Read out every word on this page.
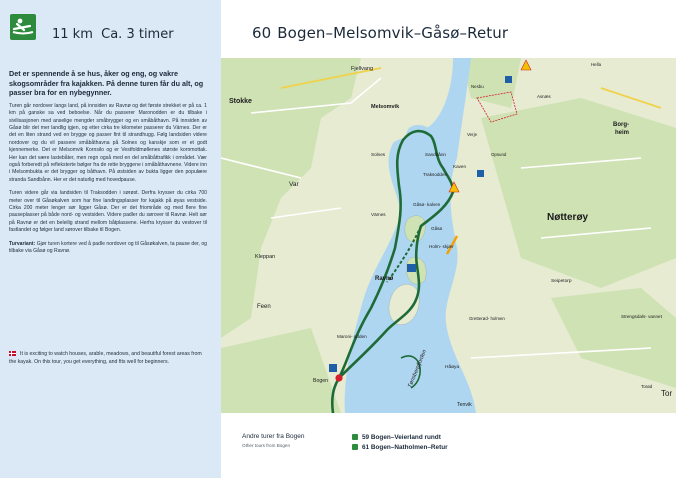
11 km Ca. 3 timer	60 Bogen–Melsomvik–Gåsø–Retur

Det er spennende å se hus, åker og eng, og vakre skogsområder fra kajakken. På denne turen får du alt, og passer bra for en nybegynner.

Turen går nordover langs land, på innsiden av Ravnø og det første strekket er på ca. 1 km på ganske sa ved beboelse. Når du passerer Maronodden er du tilbake i sivilisasjonen med anselige mengder småbrygger og en småbåthavn. På innsiden av Gåsø blir det mer landlig igjen, og etter cirka tre kilometer passerer du Värnes. Der er det en liten strand ved en brygge og passer fint til strandhugg. Følg landsiden videre nordover og du vil passere småbåthavna på Solnes og kanskje som er et godt kjennemerke. Det er Melsomvik Kornsilo og er Vestfoldmøllenes største kornmottak. Her kan det være lastebåter, men regn også med en del småbåttrafikk i området. Vær også forberedt på refleksterte bølger fra de rette bryggene i småbåthavnene. Videre inn i Melsombukta er det brygger og båthavn. På østsiden av bukta ligger den populære stranda Sandbånn. Her er det naturlig med hovedpause.

Turen videre går via landsiden til Traksodden i sørøst. Derfra krysser du cirka 700 meter over til Gåsøkalven som har fine landingsplasser for kajakk på øyas vestside. Cirka 200 meter lenger sør ligger Gåsø. Der er det friområde og med flere fine pauseplasser på både nord- og vestsiden. Videre padler du sørover til Ravnø. Helt sør på Ravnø er det en beleilig strand mellom båtplassene. Herfra krysser du vestover til fastlandet og følger land sørover tilbake til Bogen.

Turvariant: Gjør turen kortere ved å padle nordover og til Gåsøkalven, ta pause der, og tilbake via Gåsø og Ravnø.

It is exciting to watch houses, arable, meadows, and beautiful forest areas from the kayak. On this tour, you get everything, and fits well for beginners.
Fjellvang
Stokke
Melsomvik
Solnes	Sandbånn
Traksodden
Kaven
Var
Värnes
Gåsø- kalven
Gåsø
Holm- skjær
Kleppan
Ravnø
Feen
Maroni- odden
Bogen
Håøya
Tenvik
Nøtterøy
Borg-
heim
Tor
Tønsbergfjorden
Strengsdals- vannet
Asnæs
Verje
Gretterød- holmen
Opsund
Nesbu
Hella
Seipetorp
Torød
Andre turer fra Bogen
Other tours from Bogen
59 Bogen–Veierland rundt
61 Bogen–Natholmen–Retur
